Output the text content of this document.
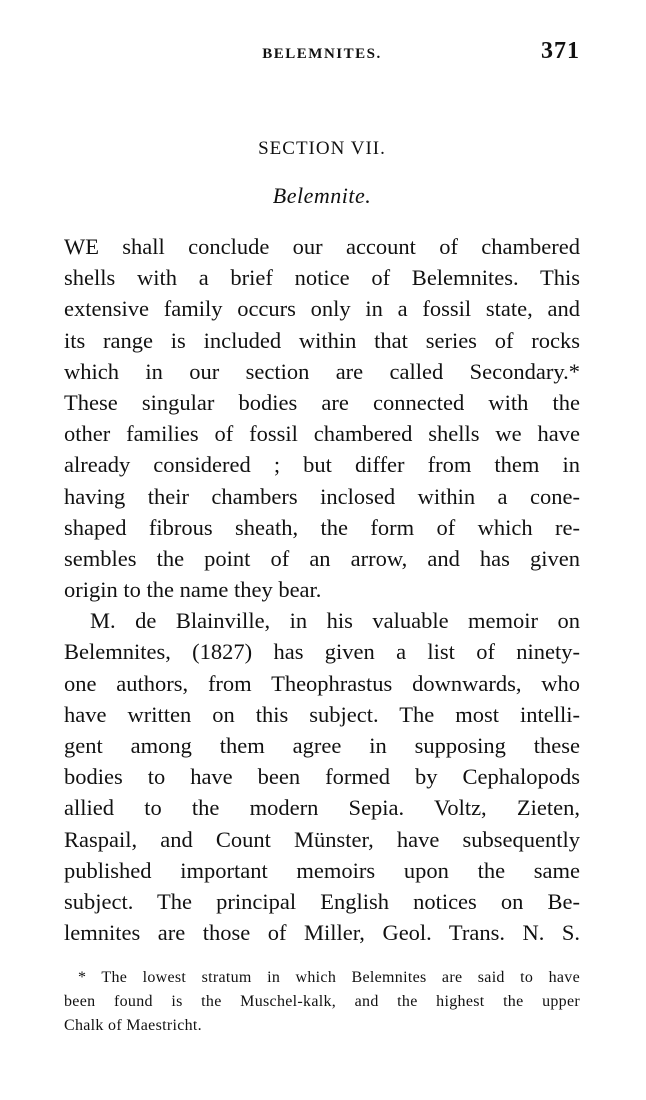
BELEMNITES.	371
SECTION VII.
Belemnite.
WE shall conclude our account of chambered
shells with a brief notice of Belemnites. This
extensive family occurs only in a fossil state, and
its range is included within that series of rocks
which in our section are called Secondary.*
These singular bodies are connected with the
other families of fossil chambered shells we have
already considered ; but differ from them in
having their chambers inclosed within a cone-
shaped fibrous sheath, the form of which re-
sembles the point of an arrow, and has given
origin to the name they bear.
M. de Blainville, in his valuable memoir on
Belemnites, (1827) has given a list of ninety-
one authors, from Theophrastus downwards, who
have written on this subject. The most intelli-
gent among them agree in supposing these
bodies to have been formed by Cephalopods
allied to the modern Sepia. Voltz, Zieten,
Raspail, and Count Münster, have subsequently
published important memoirs upon the same
subject. The principal English notices on Be-
lemnites are those of Miller, Geol. Trans. N. S.
* The lowest stratum in which Belemnites are said to have
been found is the Muschel-kalk, and the highest the upper
Chalk of Maestricht.
